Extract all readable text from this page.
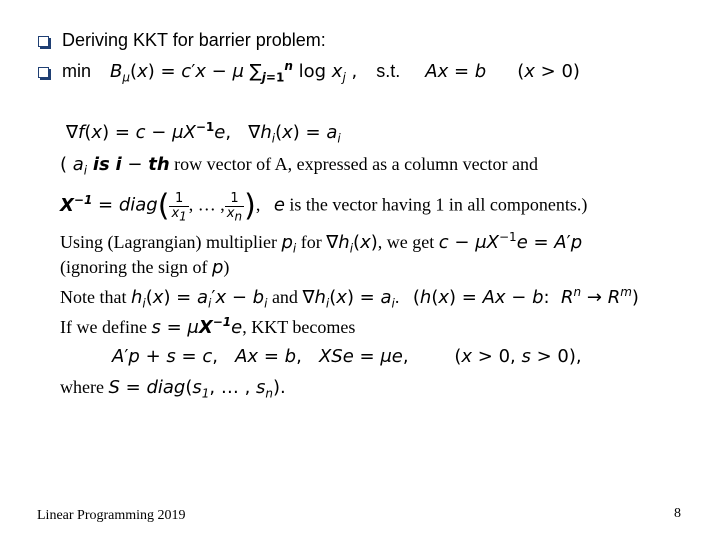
Deriving KKT for barrier problem:
$\min B_\mu(x) = c'x - \mu$ $\sum_{j=1}^n$ $\log x_j$ , s.t. Ax = b (x > 0)
$\nabla f(x) = c - \mu X^{-1}e$, $\nabla h_i(x) = a_i$
( $a_i$ is i − th row vector of A, expressed as a column vector and
$X^{-1}$ = diag( $\frac{1}{x_1}$ , … , $\frac{1}{x_n}$ ),   e is the vector having 1 in all components.)
Using (Lagrangian) multiplier $p_i$ for $\nabla h_i(x)$, we get $c - \mu X^{-1}e = A'p$
(ignoring the sign of p)
Note that $h_i(x) = a_i'x - b_i$ and $\nabla h_i(x) = a_i$.   (h(x) = Ax − b:  $R^n \to R^m$)
If we define $s = \mu X^{-1}e$, KKT becomes
A′p + s = c,   Ax = b,   XSe = μe,	(x > 0, s > 0),
where $S = diag(s_1$, … , $s_n$).
Linear Programming 2019	8
